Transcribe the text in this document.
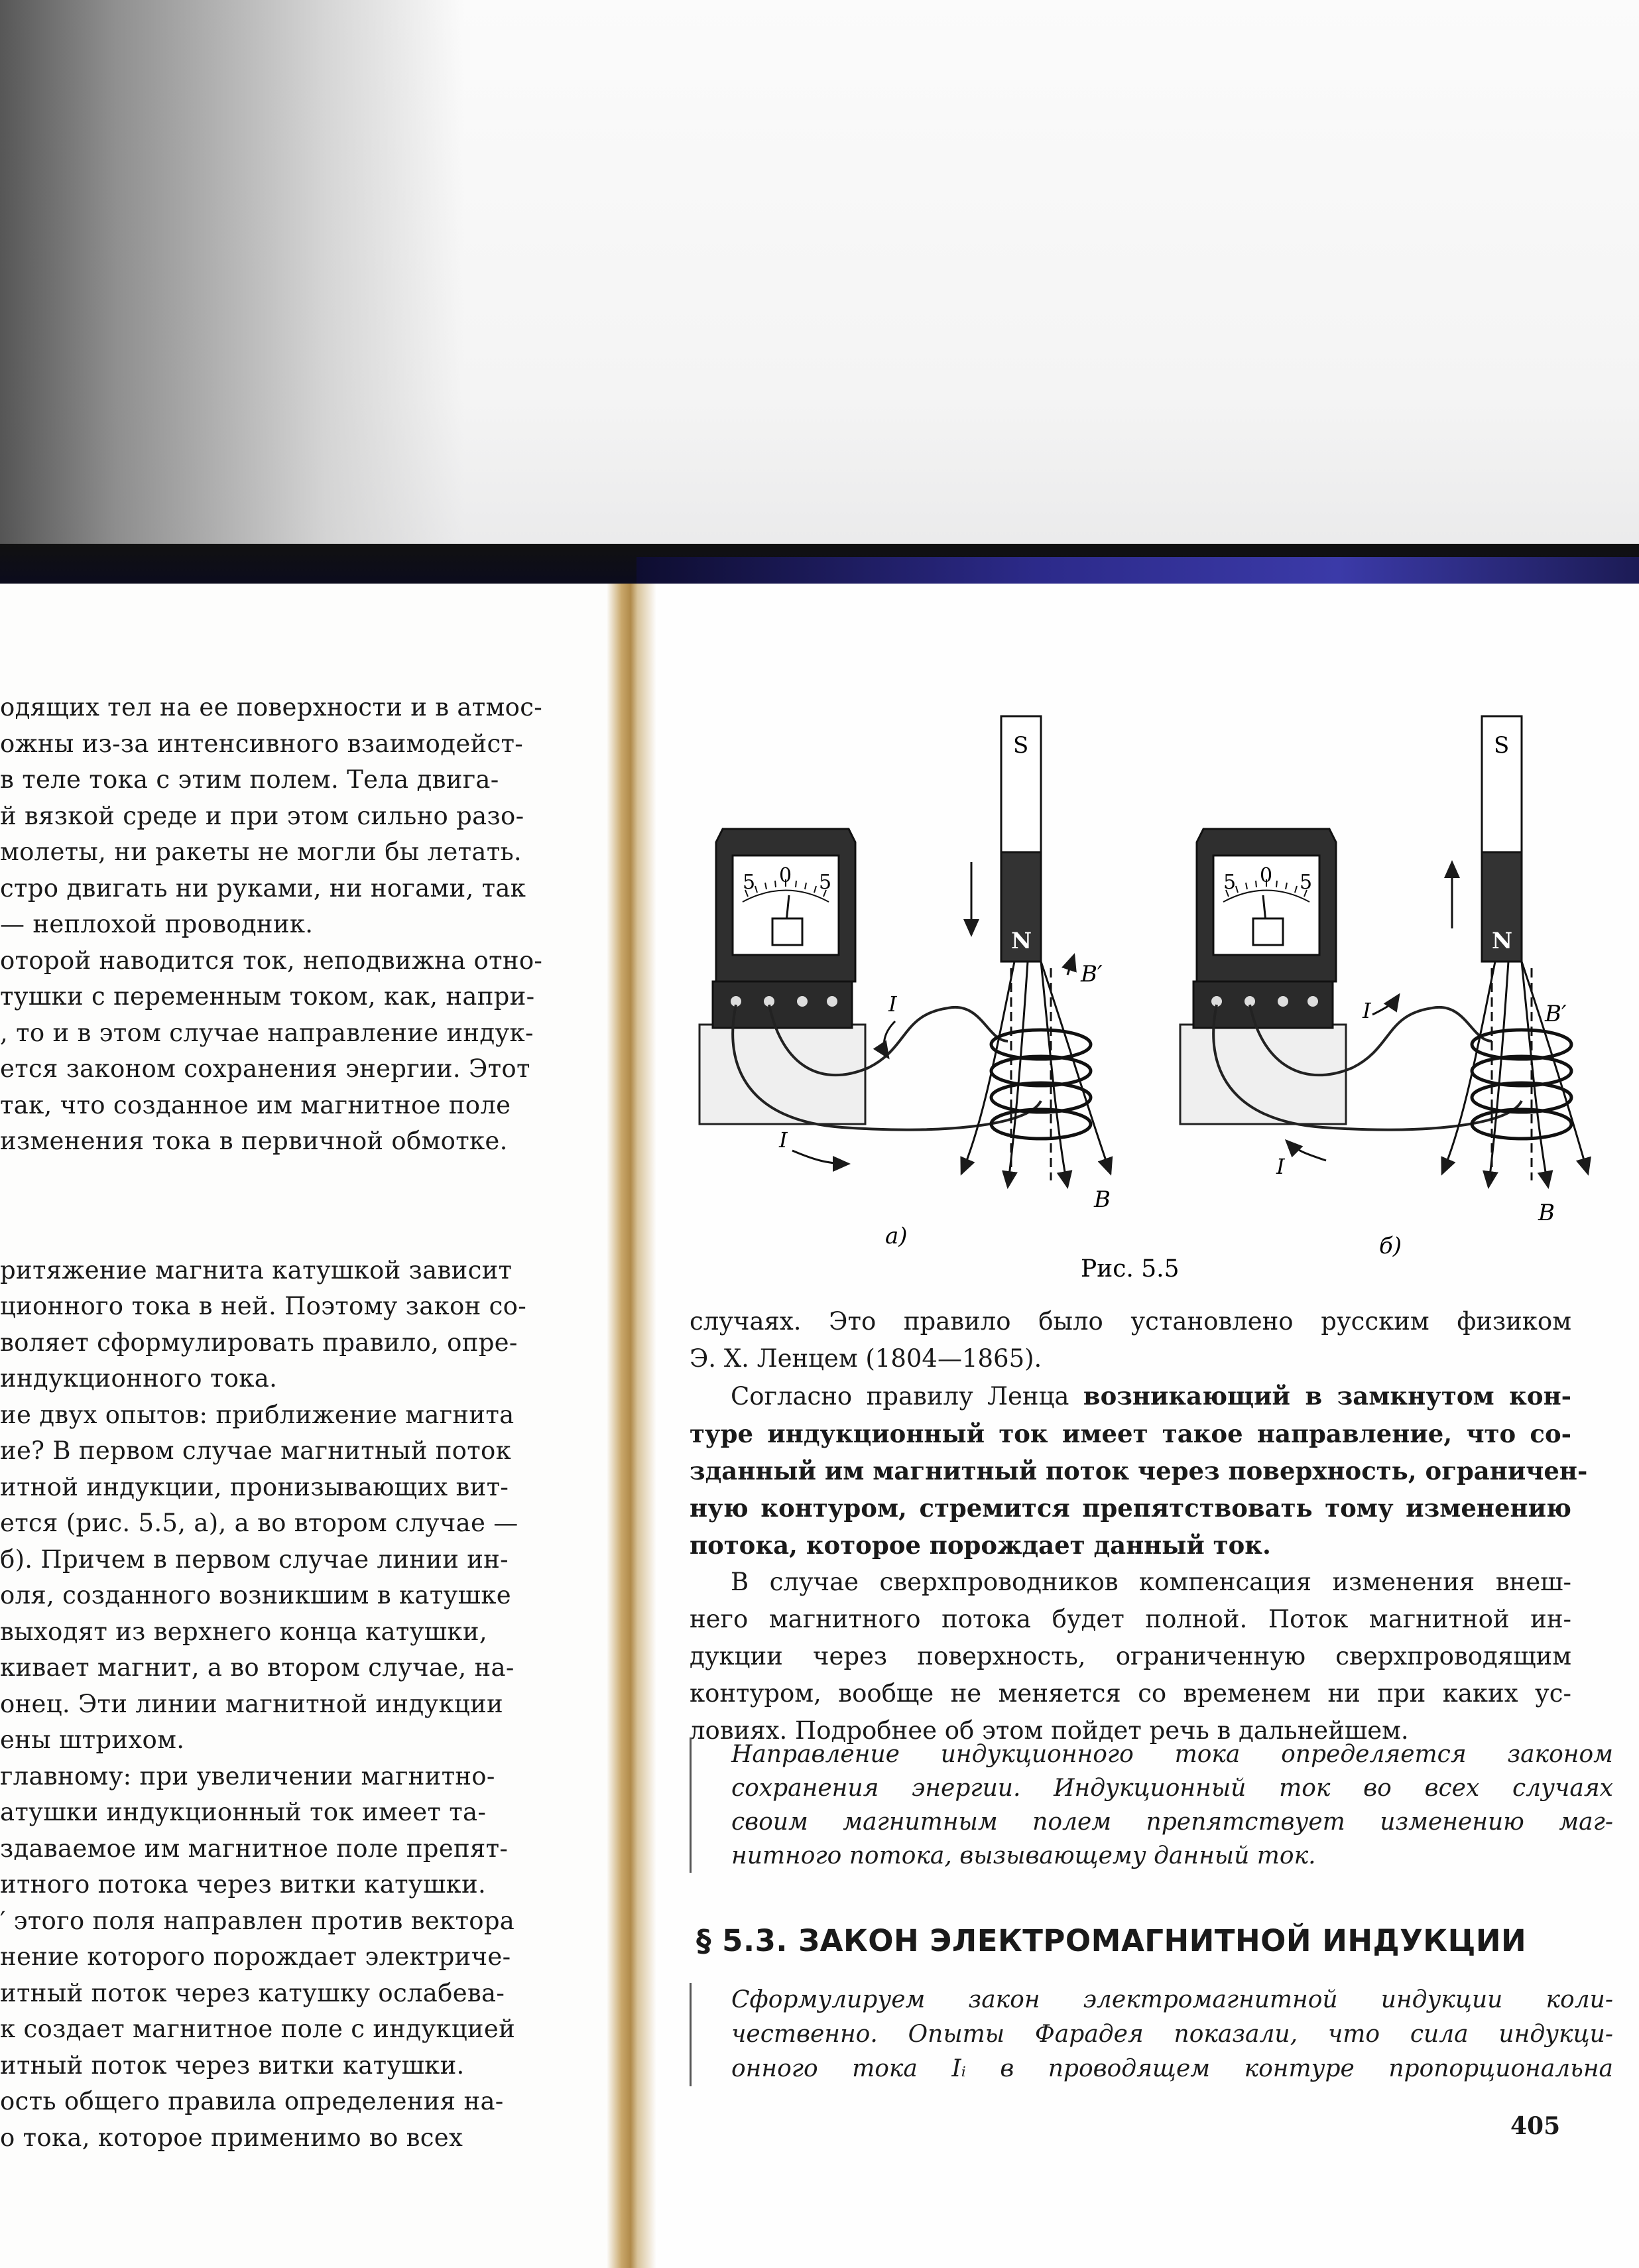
одящих тел на ее поверхности и в атмос-
ожны из-за интенсивного взаимодейст-
в теле тока с этим полем. Тела двига-
й вязкой среде и при этом сильно разо-
молеты, ни ракеты не могли бы летать.
стро двигать ни руками, ни ногами, так
— неплохой проводник.
оторой наводится ток, неподвижна отно-
тушки с переменным током, как, напри-
, то и в этом случае направление индук-
ется законом сохранения энергии. Этот
так, что созданное им магнитное поле
изменения тока в первичной обмотке.
ритяжение магнита катушкой зависит
ционного тока в ней. Поэтому закон со-
воляет сформулировать правило, опре-
индукционного тока.
ие двух опытов: приближение магнита
ие? В первом случае магнитный поток
итной индукции, пронизывающих вит-
ется (рис. 5.5, а), а во втором случае —
б). Причем в первом случае линии ин-
оля, созданного возникшим в катушке
выходят из верхнего конца катушки,
кивает магнит, а во втором случае, на-
онец. Эти линии магнитной индукции
ены штрихом.
главному: при увеличении магнитно-
атушки индукционный ток имеет та-
здаваемое им магнитное поле препят-
итного потока через витки катушки.
′ этого поля направлен против вектора
нение которого порождает электриче-
итный поток через катушку ослабева-
к создает магнитное поле с индукцией
итный поток через витки катушки.
ость общего правила определения на-
о тока, которое применимо во всех
5 0 5
S
N
B′
B
I
I
а)
5 0 5
S
N
B′
B
I
I
б)
Рис. 5.5
случаях. Это правило было установлено русским физиком
Э. Х. Ленцем (1804—1865).
Согласно правилу Ленца возникающий в замкнутом кон-
туре индукционный ток имеет такое направление, что со-
зданный им магнитный поток через поверхность, ограничен-
ную контуром, стремится препятствовать тому изменению
потока, которое порождает данный ток.
В случае сверхпроводников компенсация изменения внеш-
него магнитного потока будет полной. Поток магнитной ин-
дукции через поверхность, ограниченную сверхпроводящим
контуром, вообще не меняется со временем ни при каких ус-
ловиях. Подробнее об этом пойдет речь в дальнейшем.
Направление индукционного тока определяется законом
сохранения энергии. Индукционный ток во всех случаях
своим магнитным полем препятствует изменению маг-
нитного потока, вызывающему данный ток.
§ 5.3. ЗАКОН ЭЛЕКТРОМАГНИТНОЙ ИНДУКЦИИ
Сформулируем закон электромагнитной индукции коли-
чественно. Опыты Фарадея показали, что сила индукци-
онного тока Iᵢ в проводящем контуре пропорциональна
405
